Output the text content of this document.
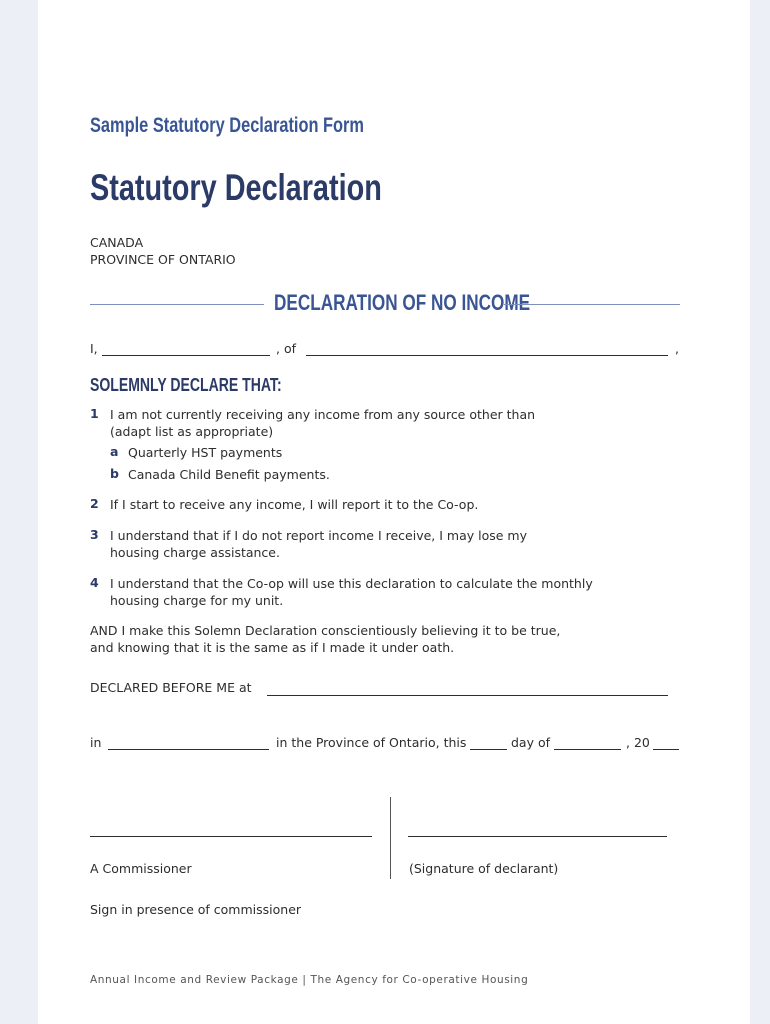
Sample Statutory Declaration Form
Statutory Declaration
CANADA
PROVINCE OF ONTARIO
DECLARATION OF NO INCOME
I,	, of	,
SOLEMNLY DECLARE THAT:
1 I am not currently receiving any income from any source other than
(adapt list as appropriate)
a Quarterly HST payments
b Canada Child Benefit payments.
2 If I start to receive any income, I will report it to the Co-op.
3 I understand that if I do not report income I receive, I may lose my
housing charge assistance.
4 I understand that the Co-op will use this declaration to calculate the monthly
housing charge for my unit.
AND I make this Solemn Declaration conscientiously believing it to be true,
and knowing that it is the same as if I made it under oath.
DECLARED BEFORE ME at
in	in the Province of Ontario, this	day of	, 20
A Commissioner	(Signature of declarant)
Sign in presence of commissioner
Annual Income and Review Package | The Agency for Co-operative Housing
